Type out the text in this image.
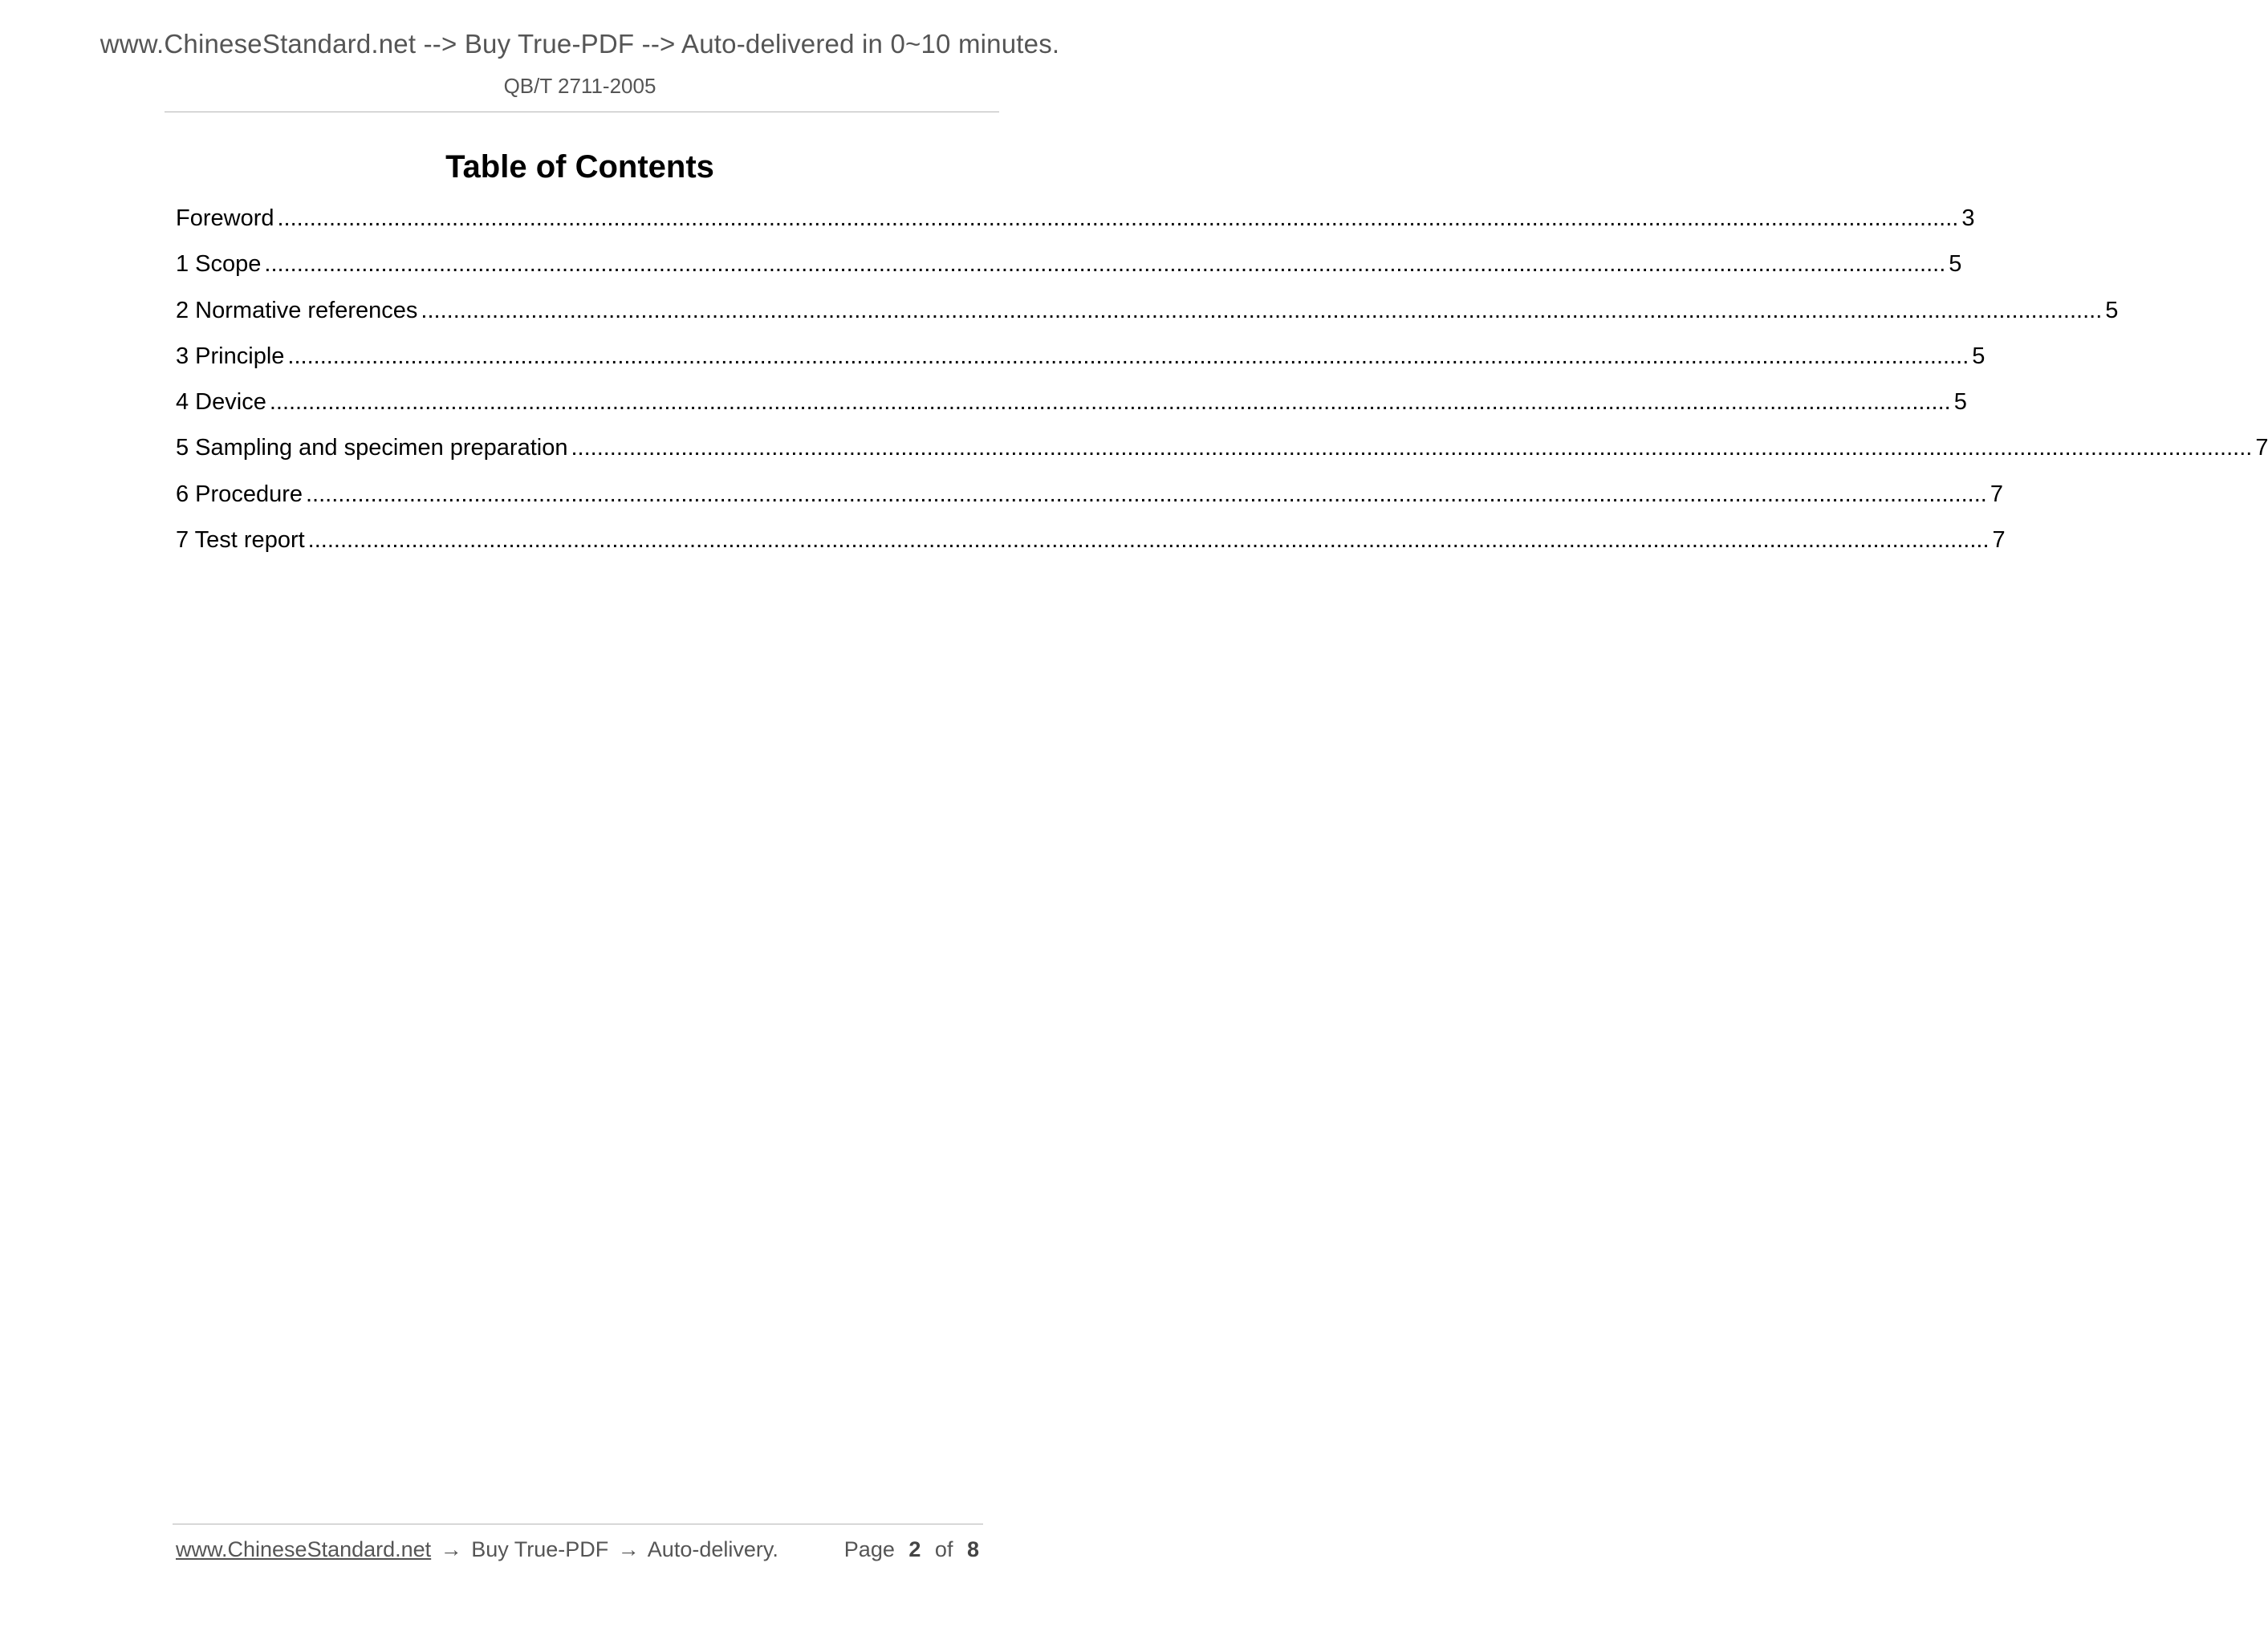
www.ChineseStandard.net --> Buy True-PDF --> Auto-delivered in 0~10 minutes.
QB/T 2711-2005
Table of Contents
Foreword .................................................................................................................................................................................................................................................................... 3
1 Scope .................................................................................................................................................................................................................................................................... 5
2 Normative references .................................................................................................................................................................................................................................................................... 5
3 Principle .................................................................................................................................................................................................................................................................... 5
4 Device .................................................................................................................................................................................................................................................................... 5
5 Sampling and specimen preparation .................................................................................................................................................................................................................................................................... 7
6 Procedure .................................................................................................................................................................................................................................................................... 7
7 Test report .................................................................................................................................................................................................................................................................... 7
www.ChineseStandard.net → Buy True-PDF → Auto-delivery.	Page 2 of 8
